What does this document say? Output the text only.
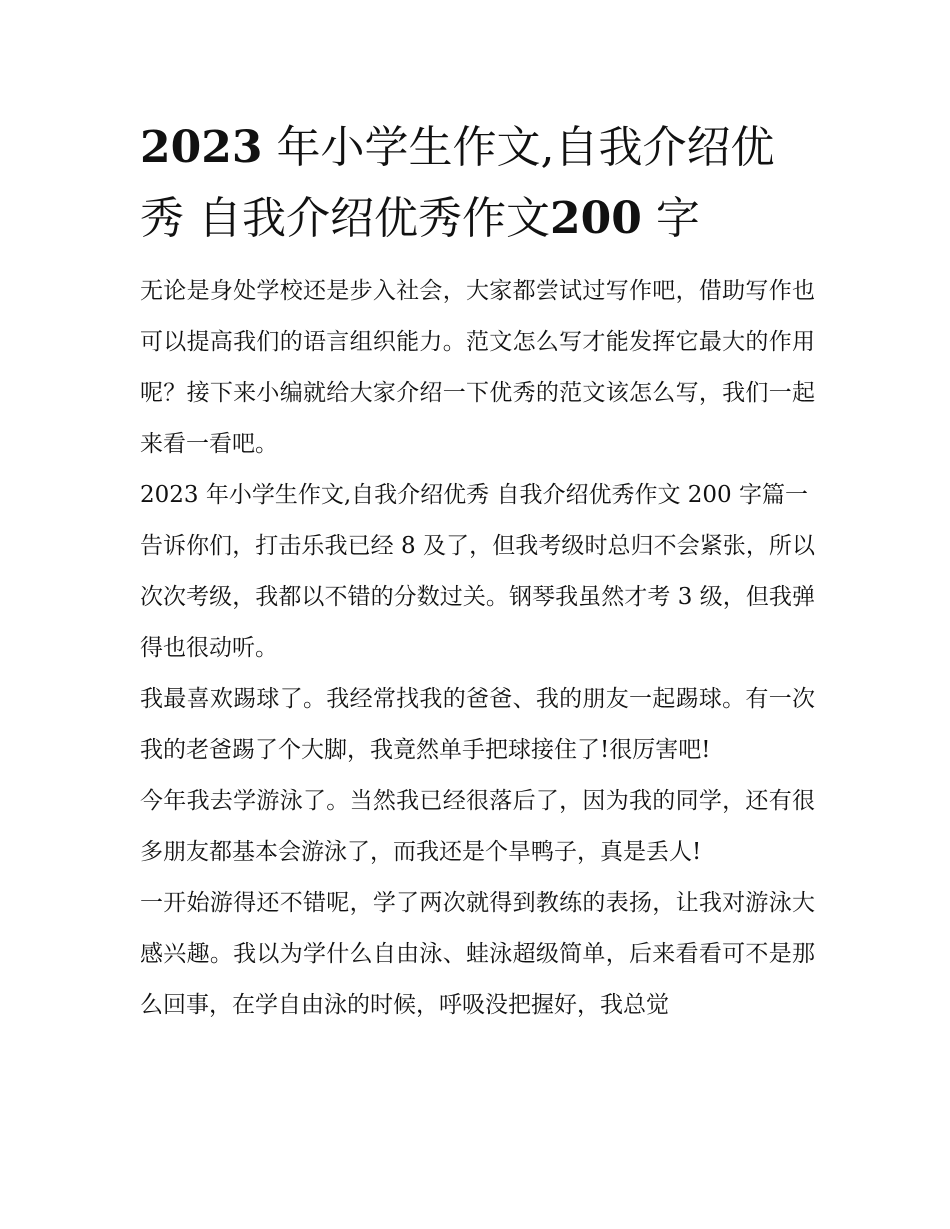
2023 年小学生作文,自我介绍优秀 自我介绍优秀作文200 字

无论是身处学校还是步入社会，大家都尝试过写作吧，借助写作也可以提高我们的语言组织能力。范文怎么写才能发挥它最大的作用呢？接下来小编就给大家介绍一下优秀的范文该怎么写，我们一起来看一看吧。

2023 年小学生作文,自我介绍优秀 自我介绍优秀作文 200 字篇一

告诉你们，打击乐我已经 8 及了，但我考级时总归不会紧张，所以次次考级，我都以不错的分数过关。钢琴我虽然才考 3 级，但我弹得也很动听。

我最喜欢踢球了。我经常找我的爸爸、我的朋友一起踢球。有一次我的老爸踢了个大脚，我竟然单手把球接住了!很厉害吧!

今年我去学游泳了。当然我已经很落后了，因为我的同学，还有很多朋友都基本会游泳了，而我还是个旱鸭子，真是丢人!

一开始游得还不错呢，学了两次就得到教练的表扬，让我对游泳大感兴趣。我以为学什么自由泳、蛙泳超级简单，后来看看可不是那么回事，在学自由泳的时候，呼吸没把握好，我总觉
